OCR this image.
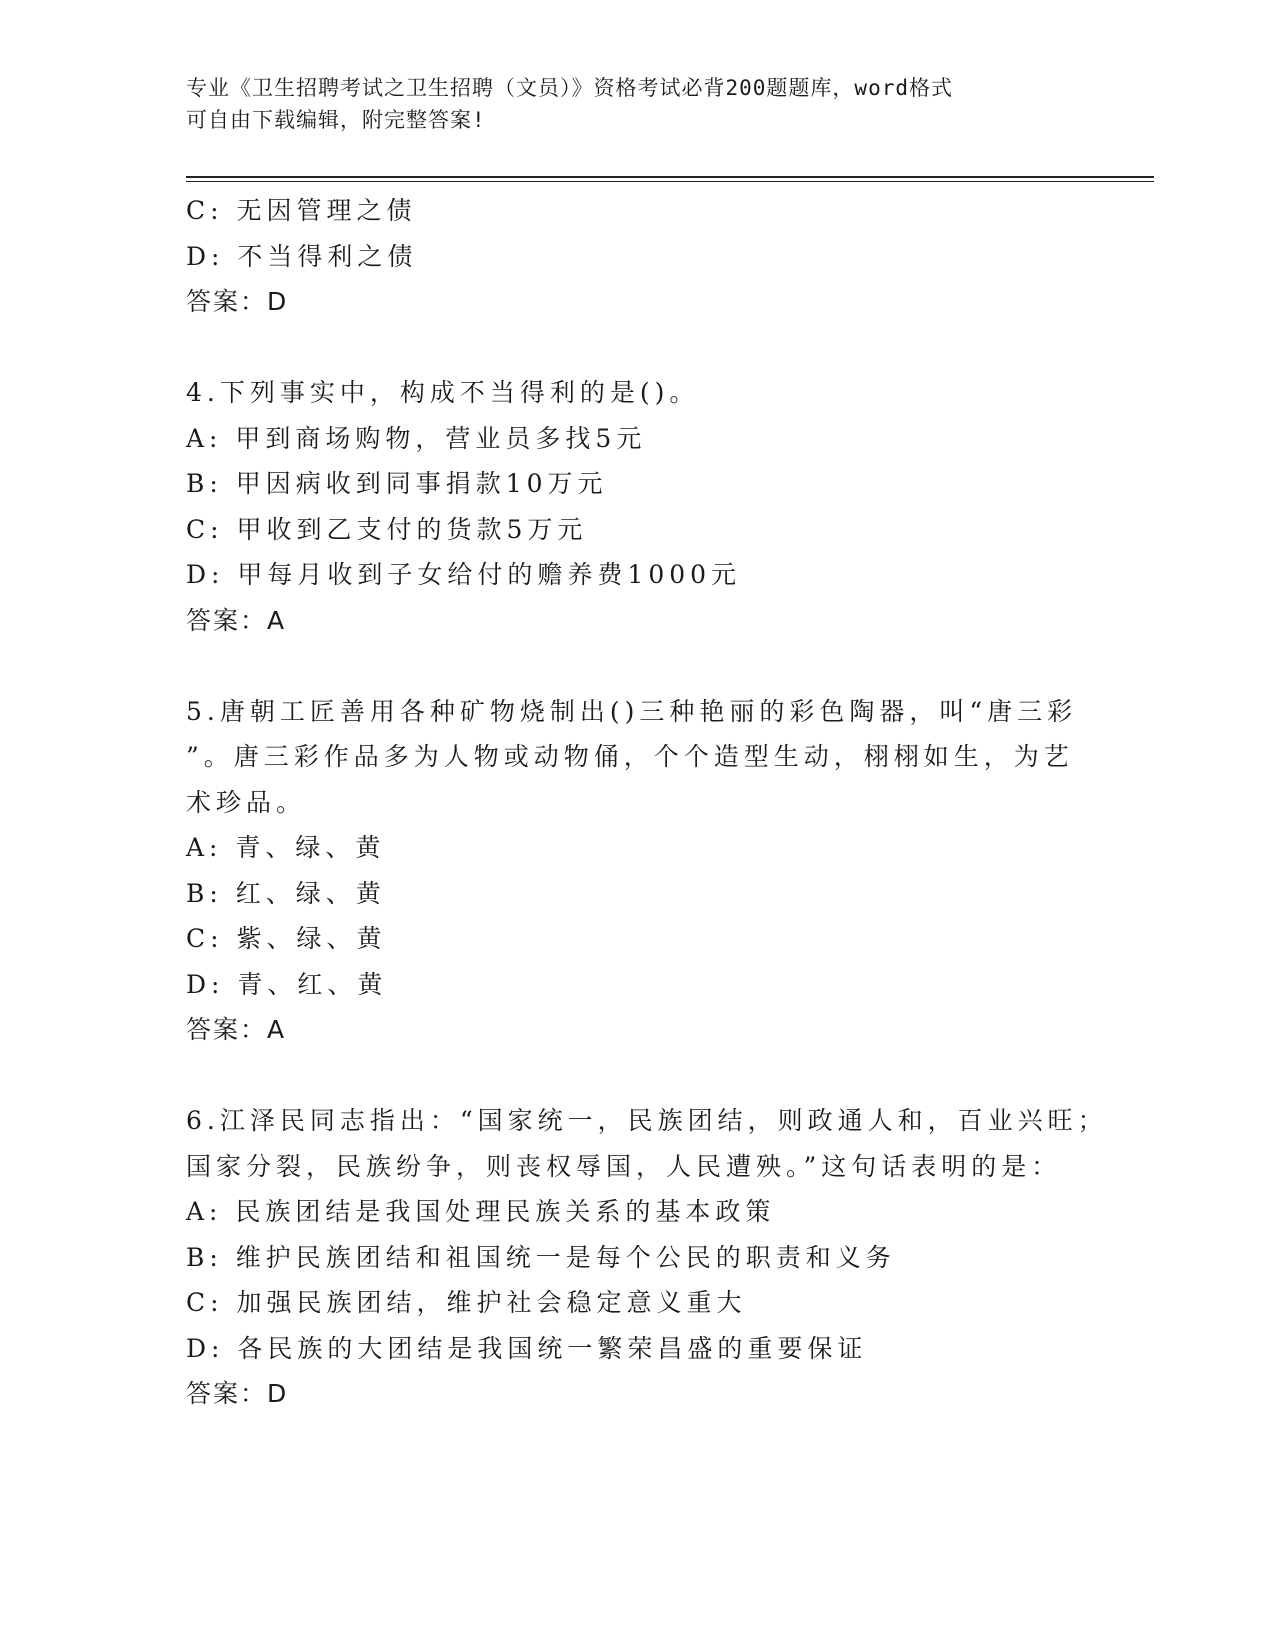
专业《卫生招聘考试之卫生招聘（文员）》资格考试必背200题题库，word格式
可自由下载编辑，附完整答案!
C: 无因管理之债
D: 不当得利之债
答案：D
4.下列事实中，构成不当得利的是()。
A: 甲到商场购物，营业员多找5元
B: 甲因病收到同事捐款10万元
C: 甲收到乙支付的货款5万元
D: 甲每月收到子女给付的赡养费1000元
答案：A
5.唐朝工匠善用各种矿物烧制出()三种艳丽的彩色陶器，叫“唐三彩
”。唐三彩作品多为人物或动物俑，个个造型生动，栩栩如生，为艺
术珍品。
A: 青、绿、黄
B: 红、绿、黄
C: 紫、绿、黄
D: 青、红、黄
答案：A
6.江泽民同志指出：“国家统一，民族团结，则政通人和，百业兴旺；
国家分裂，民族纷争，则丧权辱国，人民遭殃。”这句话表明的是：
A: 民族团结是我国处理民族关系的基本政策
B: 维护民族团结和祖国统一是每个公民的职责和义务
C: 加强民族团结，维护社会稳定意义重大
D: 各民族的大团结是我国统一繁荣昌盛的重要保证
答案：D
